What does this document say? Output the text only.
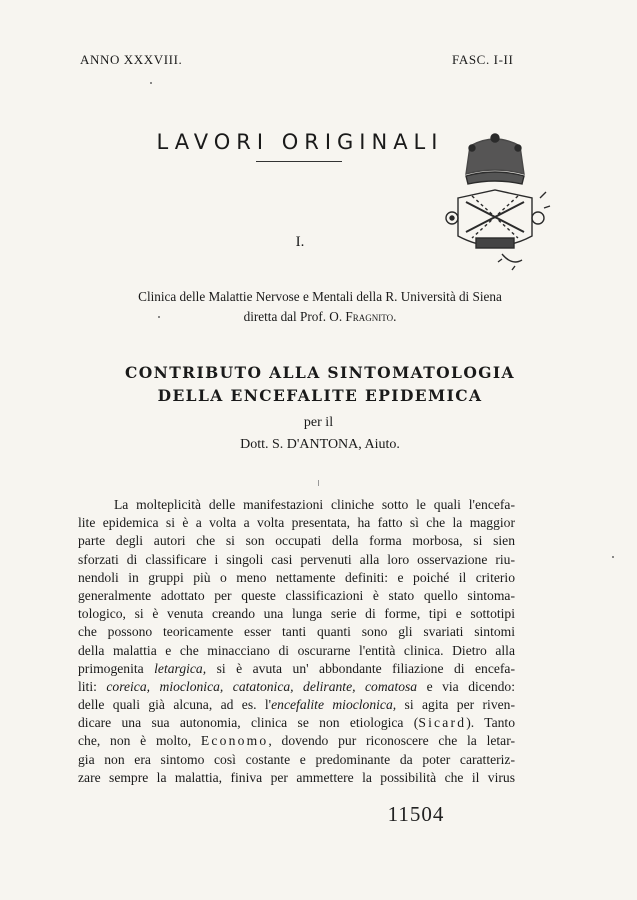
ANNO XXXVIII.	FASC. I-II
LAVORI ORIGINALI
I.
Clinica delle Malattie Nervose e Mentali della R. Università di Siena
diretta dal Prof. O. Fragnito.
CONTRIBUTO ALLA SINTOMATOLOGIA
DELLA ENCEFALITE EPIDEMICA
per il
Dott. S. D'ANTONA, Aiuto.
La molteplicità delle manifestazioni cliniche sotto le quali l'encefa-
lite epidemica si è a volta a volta presentata, ha fatto sì che la maggior
parte degli autori che si son occupati della forma morbosa, si sien
sforzati di classificare i singoli casi pervenuti alla loro osservazione riu-
nendoli in gruppi più o meno nettamente definiti: e poiché il criterio
generalmente adottato per queste classificazioni è stato quello sintoma-
tologico, si è venuta creando una lunga serie di forme, tipi e sottotipi
che possono teoricamente esser tanti quanti sono gli svariati sintomi
della malattia e che minacciano di oscurarne l'entità clinica. Dietro alla
primogenita letargica, si è avuta un' abbondante filiazione di encefa-
liti: coreica, mioclonica, catatonica, delirante, comatosa e via dicendo:
delle quali già alcuna, ad es. l'encefalite mioclonica, si agita per riven-
dicare una sua autonomia, clinica se non etiologica (Sicard). Tanto
che, non è molto, Economo, dovendo pur riconoscere che la letar-
gia non era sintomo così costante e predominante da poter caratteriz-
zare sempre la malattia, finiva per ammettere la possibilità che il virus
11504
